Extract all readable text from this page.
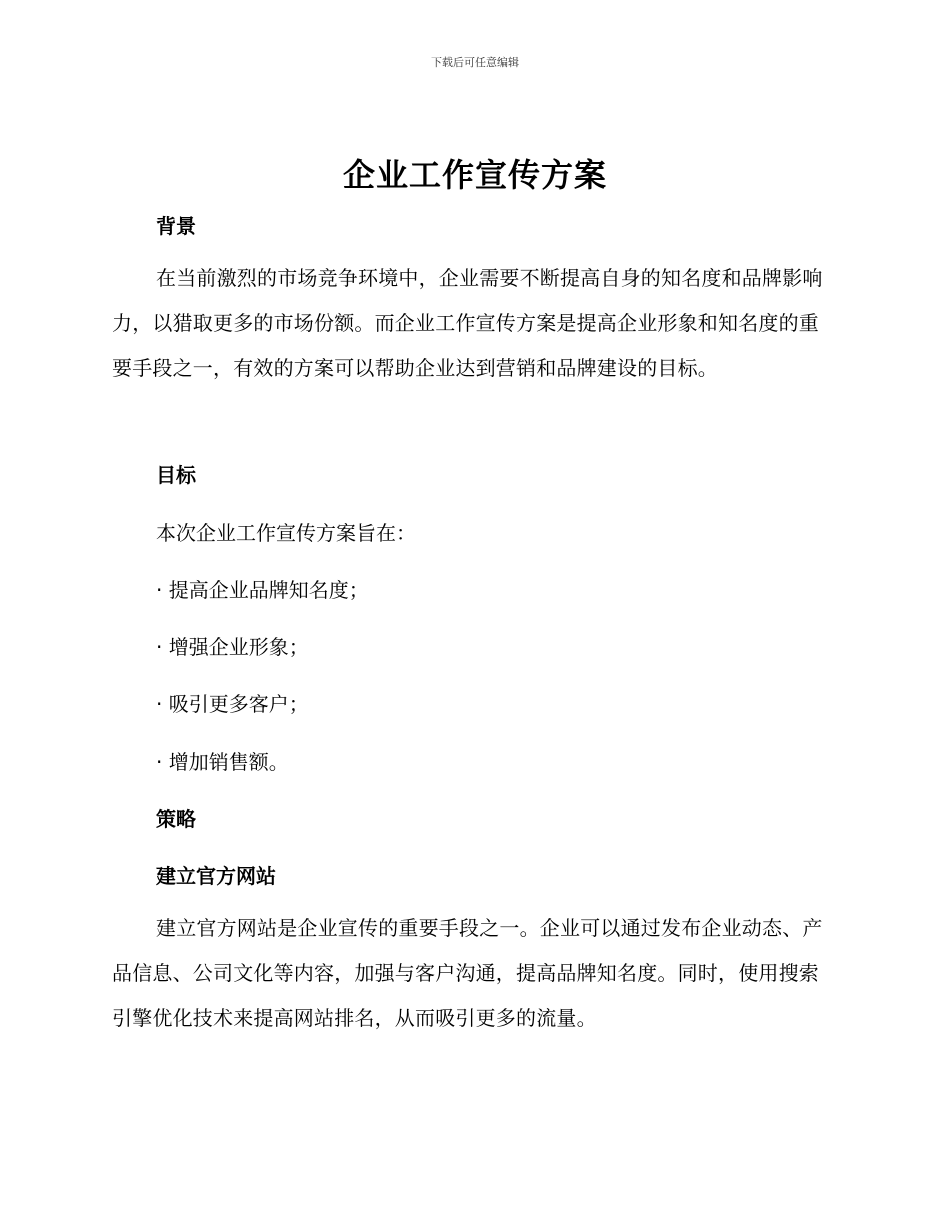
下载后可任意编辑
企业工作宣传方案
背景

在当前激烈的市场竞争环境中，企业需要不断提高自身的知名度和品牌影响力，以猎取更多的市场份额。而企业工作宣传方案是提高企业形象和知名度的重要手段之一，有效的方案可以帮助企业达到营销和品牌建设的目标。

目标
本次企业工作宣传方案旨在：
· 提高企业品牌知名度；
· 增强企业形象；
· 吸引更多客户；
· 增加销售额。
策略
建立官方网站

建立官方网站是企业宣传的重要手段之一。企业可以通过发布企业动态、产品信息、公司文化等内容，加强与客户沟通，提高品牌知名度。同时，使用搜索引擎优化技术来提高网站排名，从而吸引更多的流量。
